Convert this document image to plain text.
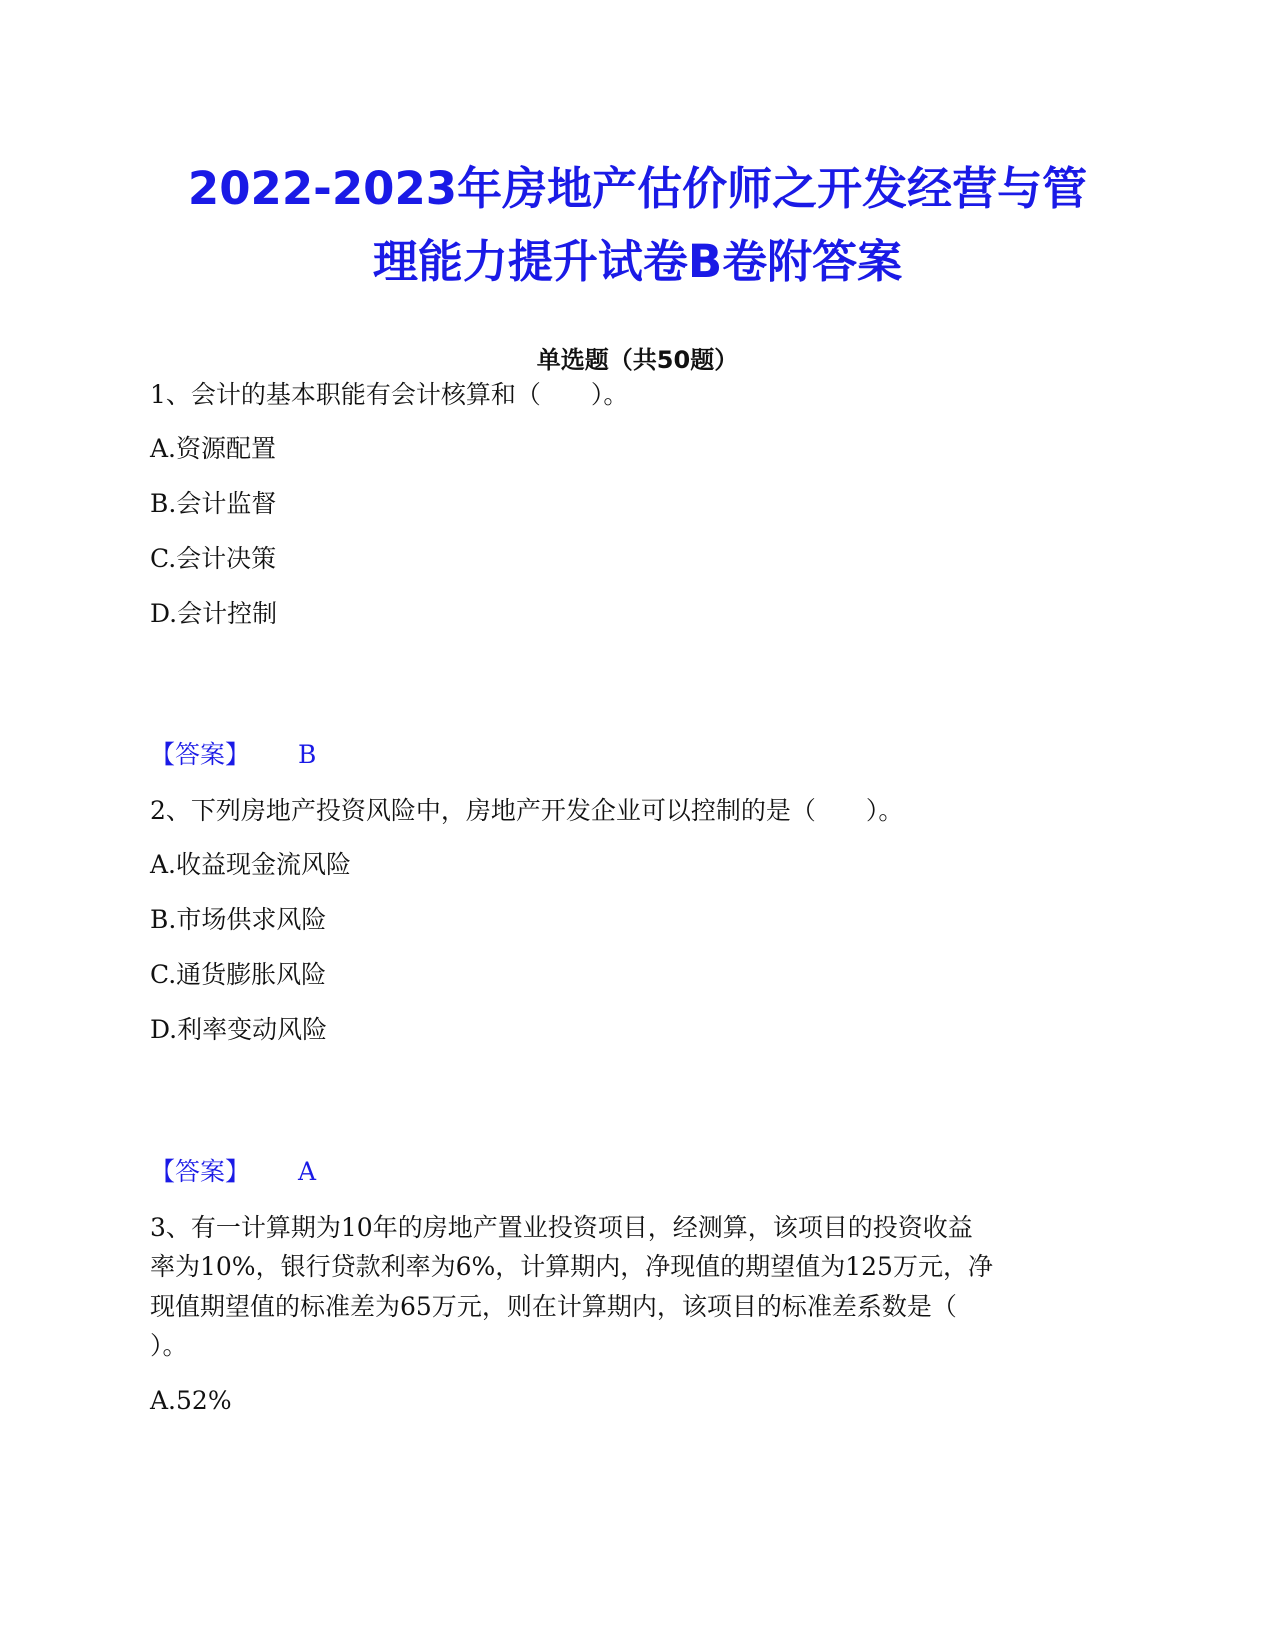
2022-2023年房地产估价师之开发经营与管
理能力提升试卷B卷附答案
单选题（共50题）
1、会计的基本职能有会计核算和（　　）。
A.资源配置
B.会计监督
C.会计决策
D.会计控制
【答案】 B
2、下列房地产投资风险中，房地产开发企业可以控制的是（　　）。
A.收益现金流风险
B.市场供求风险
C.通货膨胀风险
D.利率变动风险
【答案】 A
3、有一计算期为10年的房地产置业投资项目，经测算，该项目的投资收益
率为10%，银行贷款利率为6%，计算期内，净现值的期望值为125万元，净
现值期望值的标准差为65万元，则在计算期内，该项目的标准差系数是（
）。
A.52%
